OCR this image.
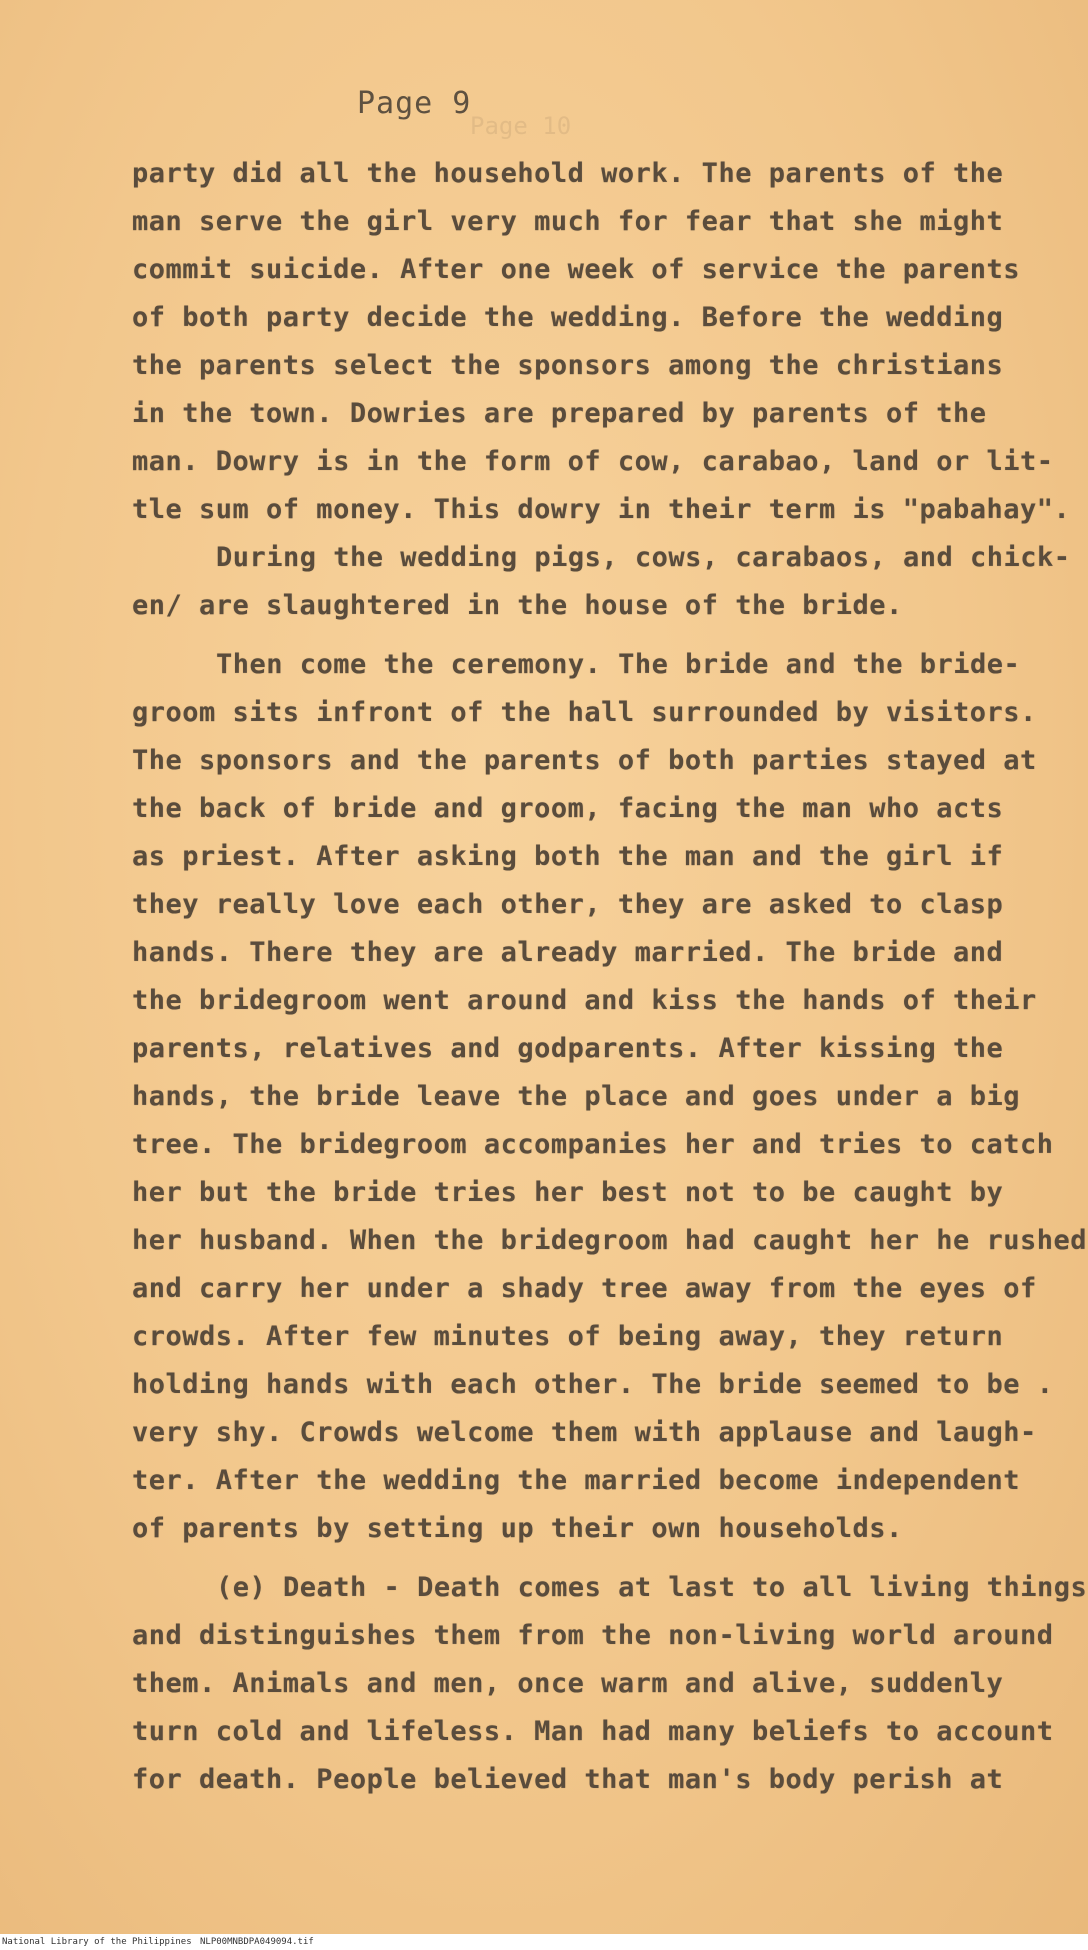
Page 10
Page 9
party did all the household work. The parents of the
man serve the girl very much for fear that she might
commit suicide. After one week of service the parents
of both party decide the wedding. Before the wedding
the parents select the sponsors among the christians
in the town. Dowries are prepared by parents of the
man. Dowry is in the form of cow, carabao, land or lit-
tle sum of money. This dowry in their term is "pabahay".
During the wedding pigs, cows, carabaos, and chick-
en/ are slaughtered in the house of the bride.
Then come the ceremony. The bride and the bride-
groom sits infront of the hall surrounded by visitors.
The sponsors and the parents of both parties stayed at
the back of bride and groom, facing the man who acts
as priest. After asking both the man and the girl if
they really love each other, they are asked to clasp
hands. There they are already married. The bride and
the bridegroom went around and kiss the hands of their
parents, relatives and godparents. After kissing the
hands, the bride leave the place and goes under a big
tree. The bridegroom accompanies her and tries to catch
her but the bride tries her best not to be caught by
her husband. When the bridegroom had caught her he rushed
and carry her under a shady tree away from the eyes of
crowds. After few minutes of being away, they return
holding hands with each other. The bride seemed to be .
very shy. Crowds welcome them with applause and laugh-
ter. After the wedding the married become independent
of parents by setting up their own households.
(e) Death - Death comes at last to all living things
and distinguishes them from the non-living world around
them. Animals and men, once warm and alive, suddenly
turn cold and lifeless. Man had many beliefs to account
for death. People believed that man's body perish at
National Library of the Philippines NLP00MNBDPA049094.tif
